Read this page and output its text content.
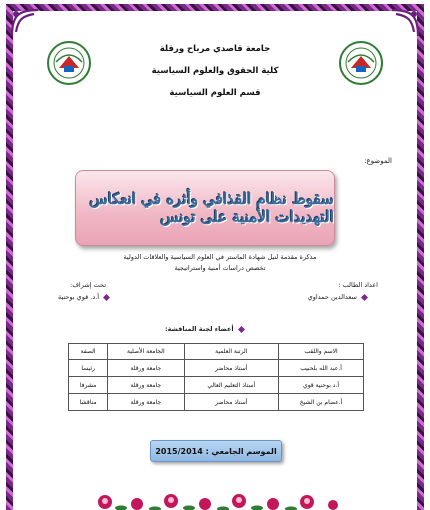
جامعة قاصدي مرباح ورقلة
كلية الحقوق والعلوم السياسية
قسم العلوم السياسية
الموضوع:
سقوط نظام القذافي وأثره في انعكاس التهديدات الأمنية على تونس
مذكرة مقدمة لنيل شهادة الماستر في العلوم السياسية والعلاقات الدولية
تخصص دراسات أمنية واستراتيجية
اعداد الطالب :
تحت إشراف:
سعدالدين حمداوي
أ.د. قوي بوحنية
أعضاء لجنة المناقشة:
الاسم واللقب	الرتبة العلمية	الجامعة الأصلية	الصفة
أ.عبد الله بلحبيب	أستاذ محاضر	جامعة ورقلة	رئيسا
أ.د بوحنية قوي	أستاذ التعليم العالي	جامعة ورقلة	مشرفا
أ.عصام بن الشيخ	أستاذ محاضر	جامعة ورقلة	مناقشا
الموسم الجامعي : 2015/2014
